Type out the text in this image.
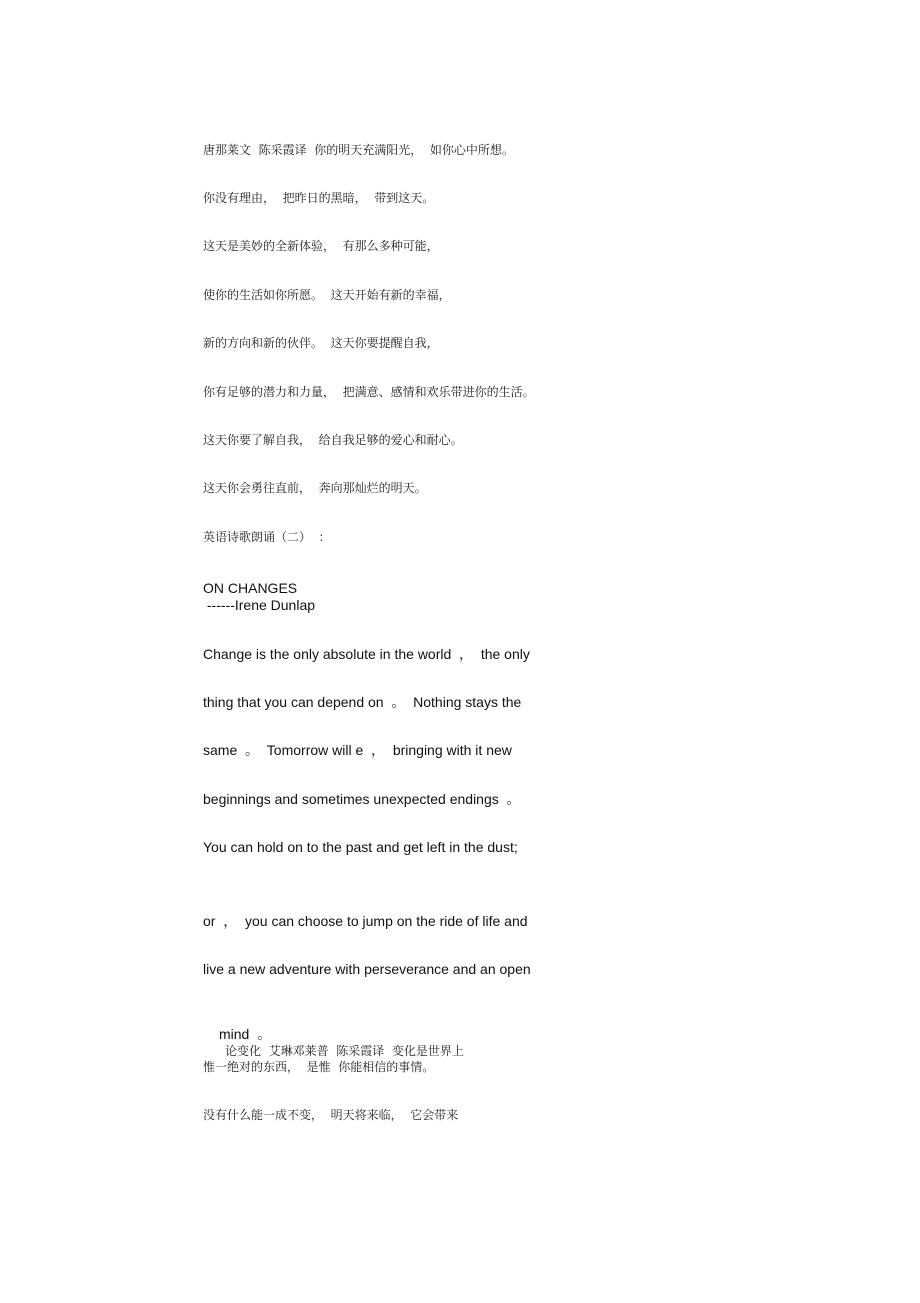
唐那莱文  陈采霞译  你的明天充满阳光，  如你心中所想。
你没有理由，  把昨日的黑暗，  带到这天。
这天是美妙的全新体验，  有那么多种可能，
使你的生活如你所愿。  这天开始有新的幸福，
新的方向和新的伙伴。  这天你要提醒自我，
你有足够的潜力和力量，  把满意、感情和欢乐带进你的生活。
这天你要了解自我，  给自我足够的爱心和耐心。
这天你会勇往直前，  奔向那灿烂的明天。
英语诗歌朗诵（二）  ：
ON CHANGES
------Irene Dunlap
Change is the only absolute in the world  ，  the only
thing that you can depend on  。  Nothing stays the
same  。  Tomorrow will e  ，  bringing with it new
beginnings and sometimes unexpected endings  。
You can hold on to the past and get left in the dust;
or  ，  you can choose to jump on the ride of life and
live a new adventure with perseverance and an open

mind  。
论变化  艾琳邓莱普  陈采霞译  变化是世界上

惟一绝对的东西，  是惟  你能相信的事情。
没有什么能一成不变，  明天将来临，  它会带来
